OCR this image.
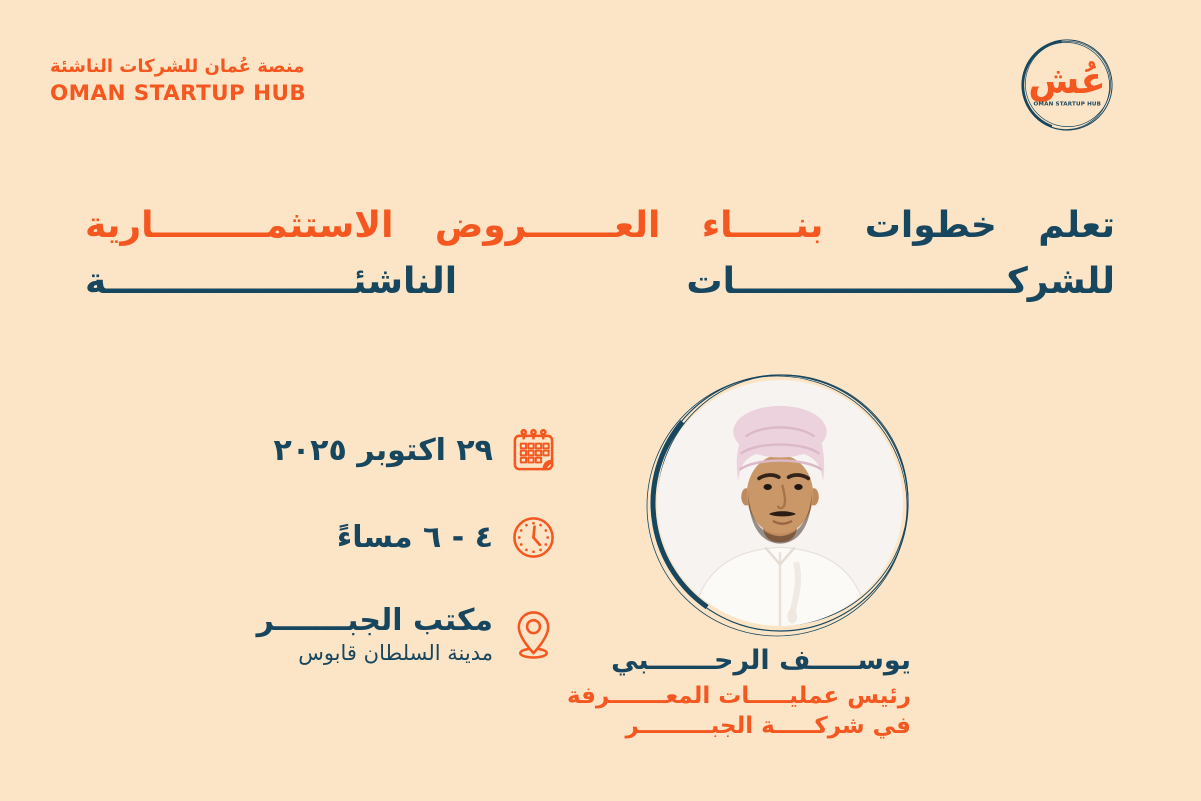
منصة عُمان للشركات الناشئة
OMAN STARTUP HUB	عُش
OMAN STARTUP HUB
تعلم
خطوات
بنـــــاء
العـــــــروض
الاستثمـــــــــارية
للشركــــــــــــــــــــــات
الناشئــــــــــــــــــــة
٢٩ اكتوبر ٢٠٢٥
٤ - ٦ مساءً
مكتب الجبـــــــر
مدينة السلطان قابوس	يوســـــف الرحـــــــبي
رئيس عمليـــــات المعـــــــرفة
في شركـــــة الجبـــــــــر
